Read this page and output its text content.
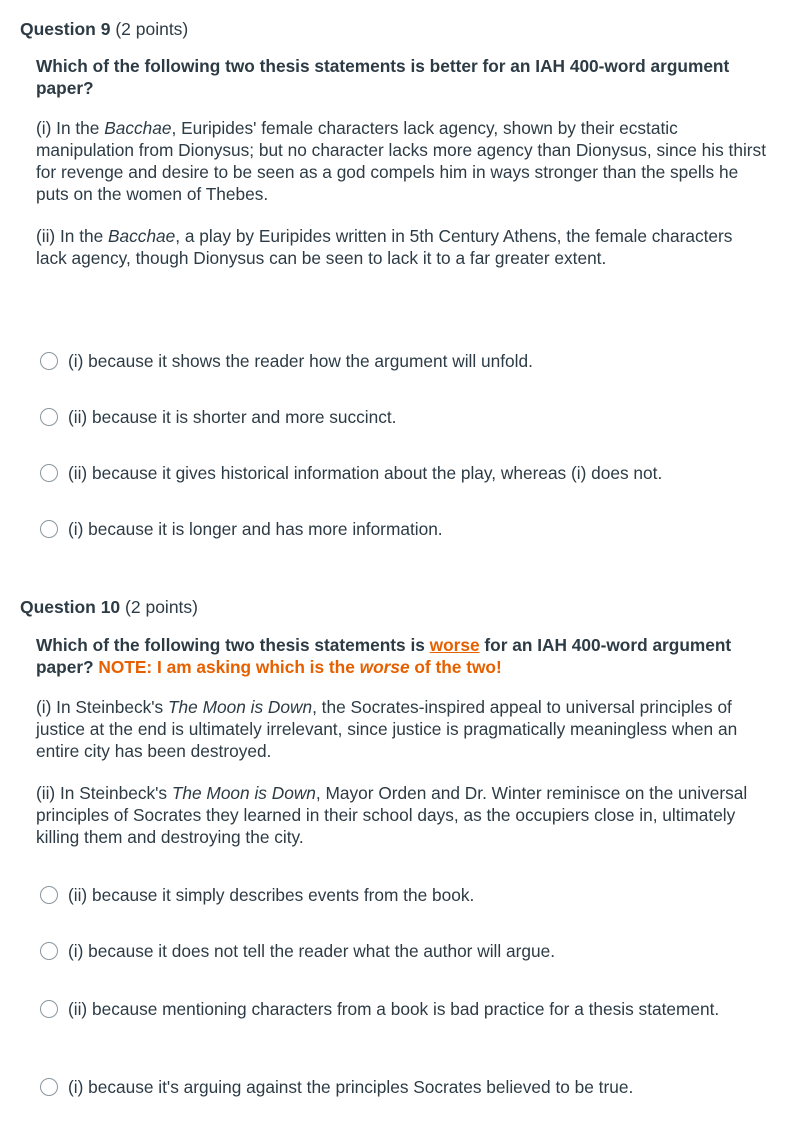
Question 9 (2 points)

Which of the following two thesis statements is better for an IAH 400-word argument paper?

(i) In the Bacchae, Euripides' female characters lack agency, shown by their ecstatic manipulation from Dionysus; but no character lacks more agency than Dionysus, since his thirst for revenge and desire to be seen as a god compels him in ways stronger than the spells he puts on the women of Thebes.

(ii) In the Bacchae, a play by Euripides written in 5th Century Athens, the female characters lack agency, though Dionysus can be seen to lack it to a far greater extent.

(i) because it shows the reader how the argument will unfold.
(ii) because it is shorter and more succinct.
(ii) because it gives historical information about the play, whereas (i) does not.
(i) because it is longer and has more information.
Question 10 (2 points)

Which of the following two thesis statements is worse for an IAH 400-word argument paper? NOTE: I am asking which is the worse of the two!

(i) In Steinbeck's The Moon is Down, the Socrates-inspired appeal to universal principles of justice at the end is ultimately irrelevant, since justice is pragmatically meaningless when an entire city has been destroyed.

(ii) In Steinbeck's The Moon is Down, Mayor Orden and Dr. Winter reminisce on the universal principles of Socrates they learned in their school days, as the occupiers close in, ultimately killing them and destroying the city.

(ii) because it simply describes events from the book.
(i) because it does not tell the reader what the author will argue.
(ii) because mentioning characters from a book is bad practice for a thesis statement.
(i) because it's arguing against the principles Socrates believed to be true.
